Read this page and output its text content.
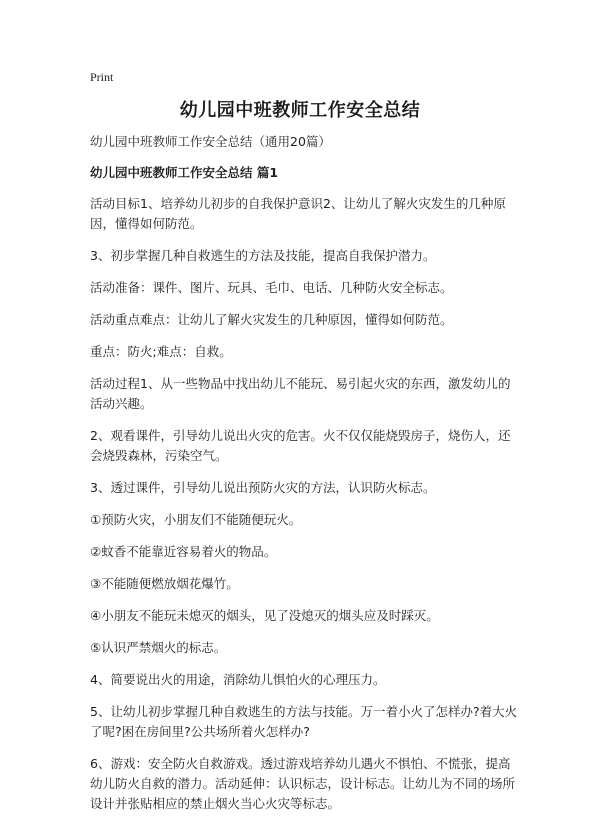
Print
幼儿园中班教师工作安全总结

幼儿园中班教师工作安全总结（通用20篇）

幼儿园中班教师工作安全总结 篇1

活动目标1、培养幼儿初步的自我保护意识2、让幼儿了解火灾发生的几种原因，懂得如何防范。

3、初步掌握几种自救逃生的方法及技能，提高自我保护潜力。

活动准备：课件、图片、玩具、毛巾、电话、几种防火安全标志。

活动重点难点：让幼儿了解火灾发生的几种原因，懂得如何防范。

重点：防火;难点：自救。

活动过程1、从一些物品中找出幼儿不能玩、易引起火灾的东西，激发幼儿的活动兴趣。

2、观看课件，引导幼儿说出火灾的危害。火不仅仅能烧毁房子，烧伤人，还会烧毁森林，污染空气。

3、透过课件，引导幼儿说出预防火灾的方法，认识防火标志。

①预防火灾，小朋友们不能随便玩火。

②蚊香不能靠近容易着火的物品。

③不能随便燃放烟花爆竹。

④小朋友不能玩未熄灭的烟头，见了没熄灭的烟头应及时踩灭。

⑤认识严禁烟火的标志。

4、简要说出火的用途，消除幼儿惧怕火的心理压力。

5、让幼儿初步掌握几种自救逃生的方法与技能。万一着小火了怎样办?着大火了呢?困在房间里?公共场所着火怎样办?

6、游戏：安全防火自救游戏。透过游戏培养幼儿遇火不惧怕、不慌张，提高幼儿防火自救的潜力。活动延伸：认识标志，设计标志。让幼儿为不同的场所设计并张贴相应的禁止烟火当心火灾等标志。
